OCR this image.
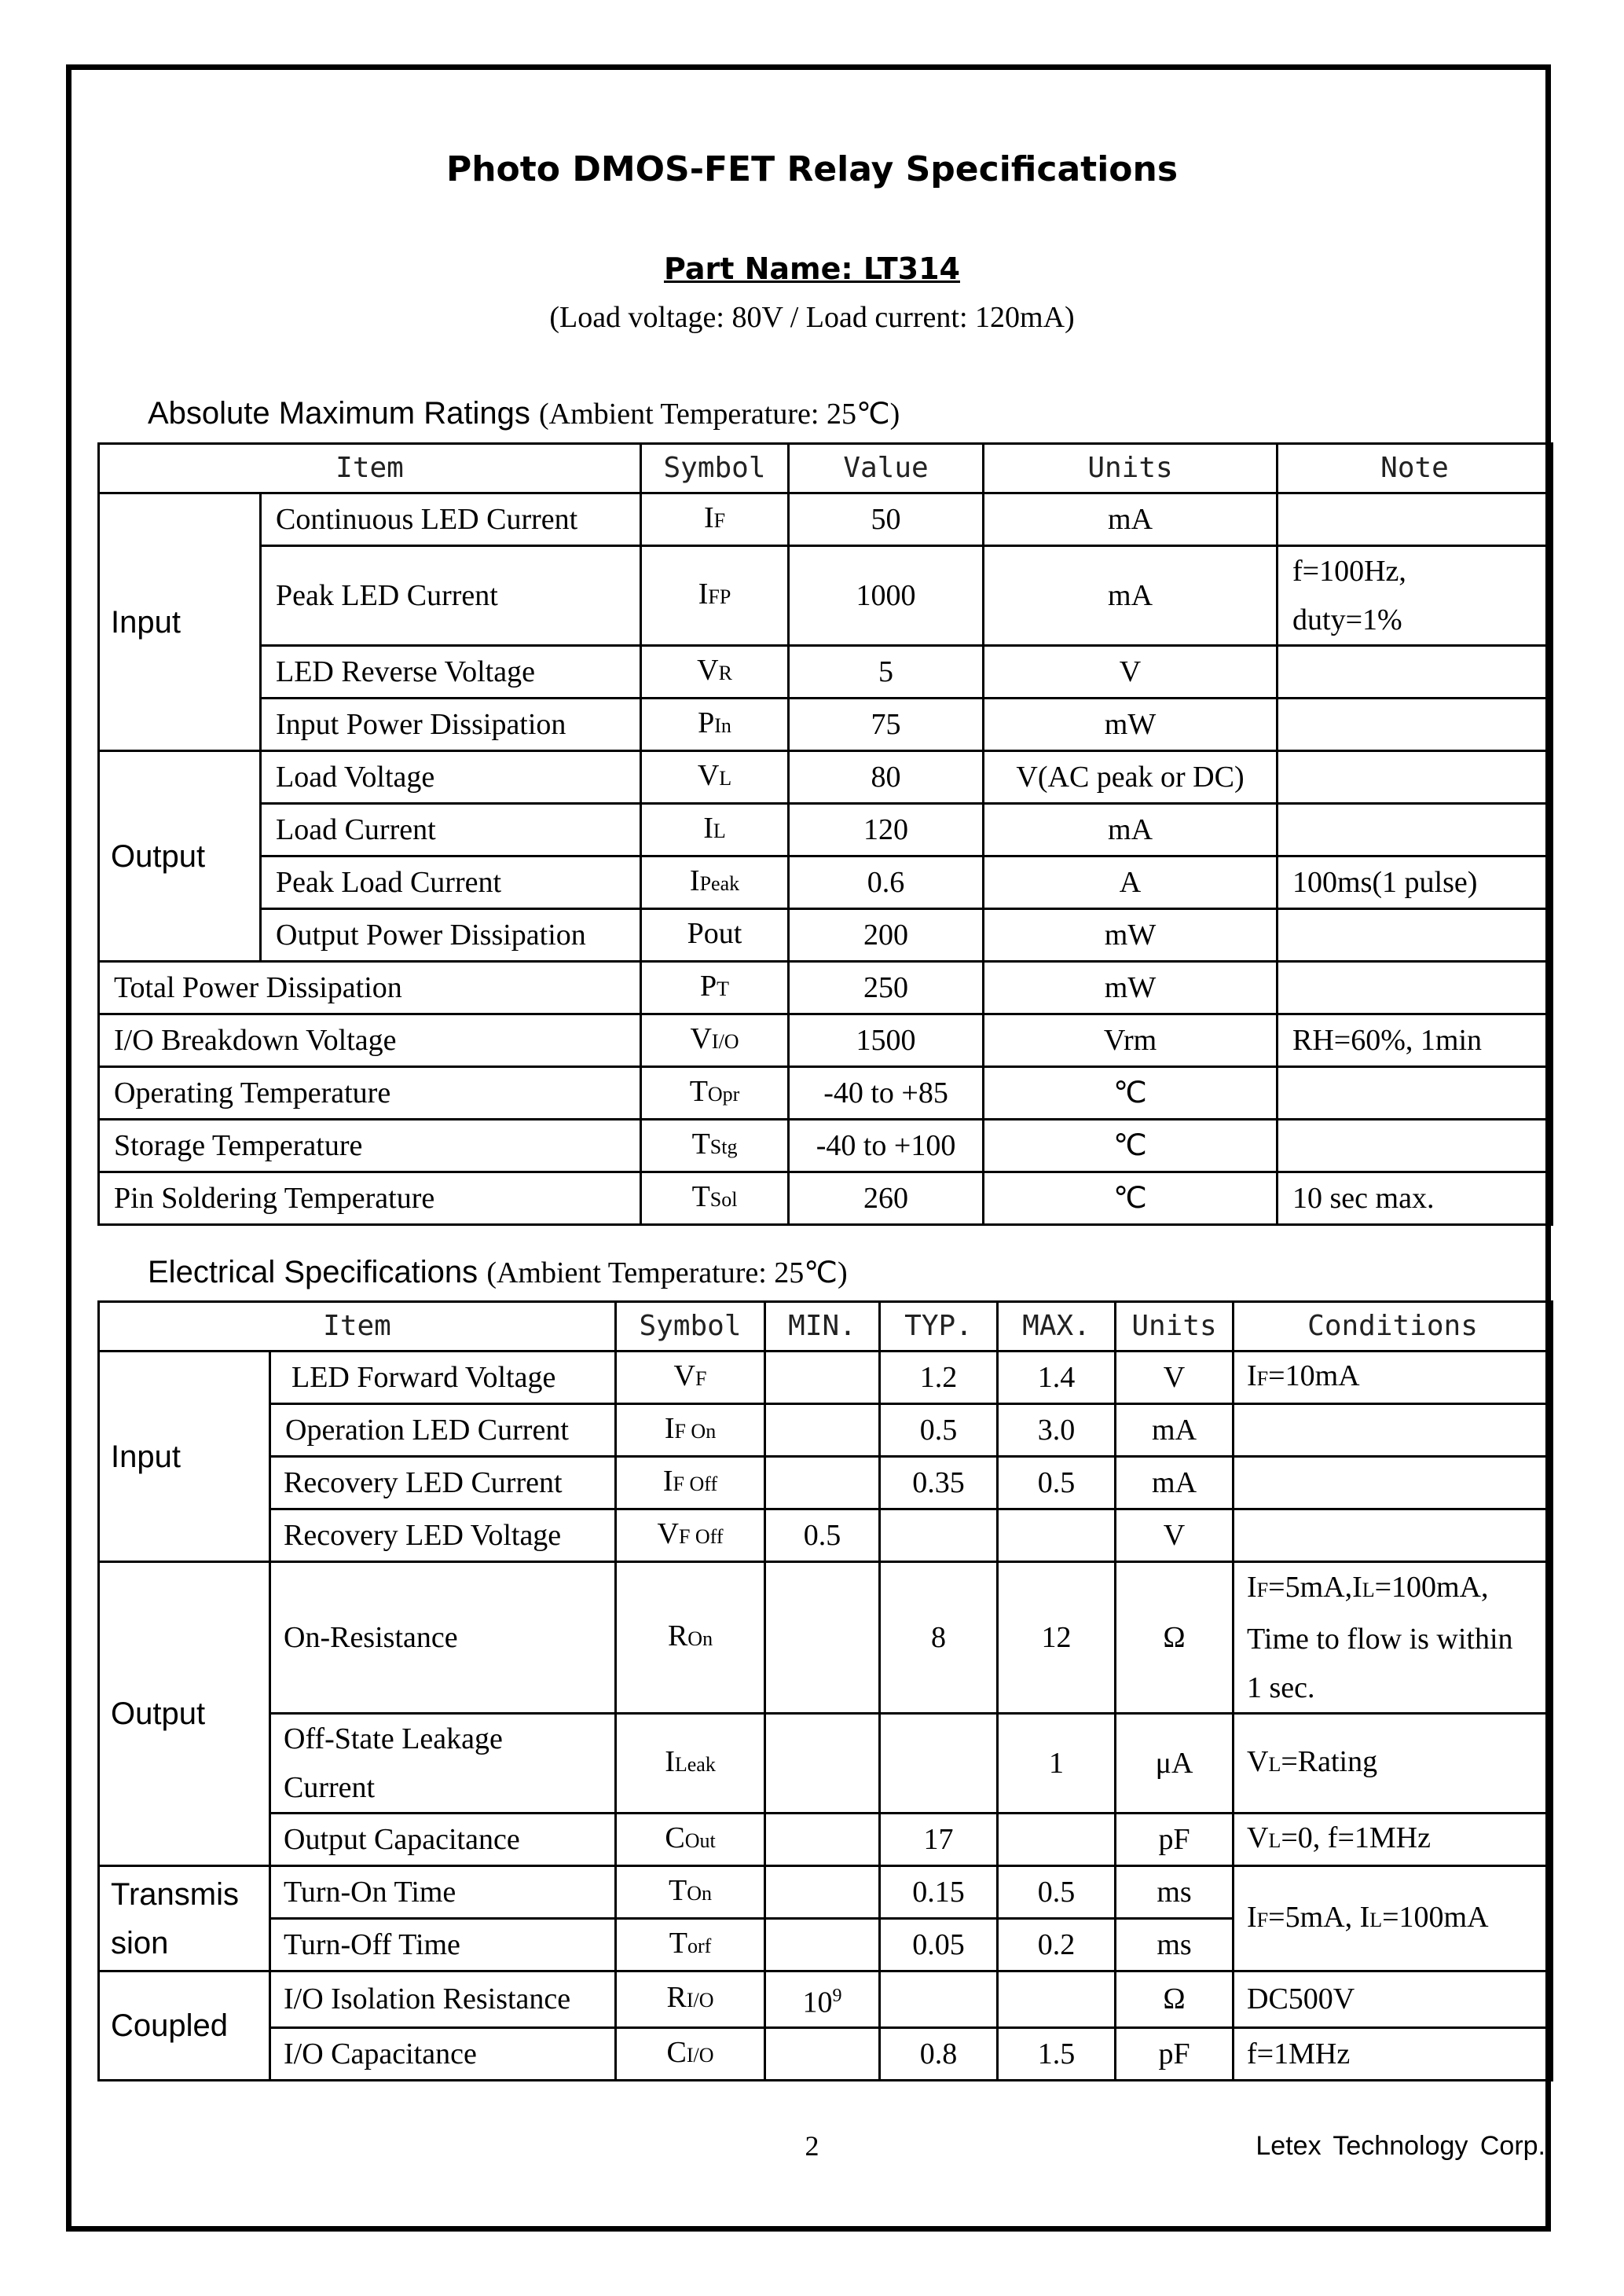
Photo DMOS-FET Relay Specifications
Part Name: LT314
(Load voltage: 80V / Load current: 120mA)
Absolute Maximum Ratings (Ambient Temperature: 25℃)
Item		Symbol	Value	Units	Note
Input	Continuous LED Current	IF	50	mA	
	Peak LED Current	IFP	1000	mA	f=100Hz,
duty=1%

	LED Reverse Voltage	VR	5	V	
	Input Power Dissipation	PIn	75	mW	
Output	Load Voltage	VL	80	V(AC peak or DC)	
	Load Current	IL	120	mA	
	Peak Load Current	IPeak	0.6	A	100ms(1 pulse)
	Output Power Dissipation	Pout	200	mW	
Total Power Dissipation		PT	250	mW	
I/O Breakdown Voltage		VI/O	1500	Vrm	RH=60%, 1min
Operating Temperature		TOpr	-40 to +85	℃	
Storage Temperature		TStg	-40 to +100	℃	
Pin Soldering Temperature		TSol	260	℃	10 sec max.
Electrical Specifications (Ambient Temperature: 25℃)
Item		Symbol	MIN.	TYP.	MAX.	Units	Conditions
Input	LED Forward Voltage	VF		1.2	1.4	V	IF=10mA
	Operation LED Current	IF On		0.5	3.0	mA	
	Recovery LED Current	IF Off		0.35	0.5	mA	
	Recovery LED Voltage	VF Off	0.5			V	
Output	On-Resistance	ROn		8	12	Ω	IF=5mA,IL=100mA,
Time to flow is within
1 sec.

	Off-State Leakage
Current	ILeak			1	μA	VL=Rating
	Output Capacitance	COut		17		pF	VL=0, f=1MHz

Transmis
sion	Turn-On Time	TOn		0.15	0.5	ms	IF=5mA, IL=100mA
	Turn-Off Time	Torf		0.05	0.2	ms	
Coupled	I/O Isolation Resistance	RI/O	$10^9$			Ω	DC500V
	I/O Capacitance	CI/O		0.8	1.5	pF	f=1MHz
2	Letex Technology Corp.
